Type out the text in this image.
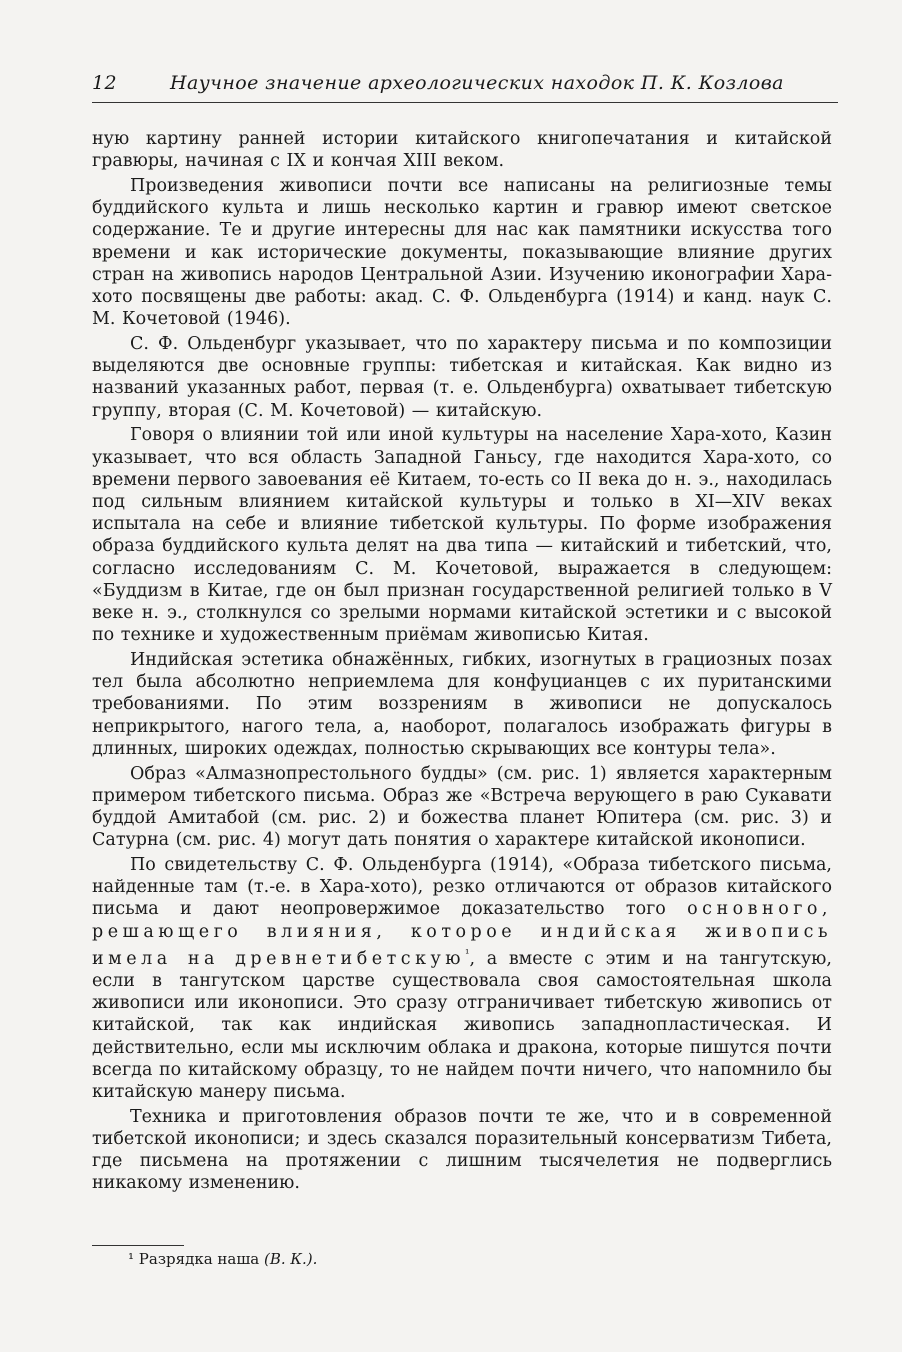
12	Научное значение археологических находок П. К. Козлова

ную картину ранней истории китайского книгопечатания и китайской гравюры, начиная с IX и кончая XIII веком.

Произведения живописи почти все написаны на религиозные темы буддийского культа и лишь несколько картин и гравюр имеют светское содержание. Те и другие интересны для нас как памятники искусства того времени и как исторические документы, показывающие влияние других стран на живопись народов Центральной Азии. Изучению иконографии Хара-хото посвящены две работы: акад. С. Ф. Ольденбурга (1914) и канд. наук С. М. Кочетовой (1946).

С. Ф. Ольденбург указывает, что по характеру письма и по композиции выделяются две основные группы: тибетская и китайская. Как видно из названий указанных работ, первая (т. е. Ольденбурга) охватывает тибетскую группу, вторая (С. М. Кочетовой) — китайскую.

Говоря о влиянии той или иной культуры на население Хара-хото, Казин указывает, что вся область Западной Ганьсу, где находится Хара-хото, со времени первого завоевания её Китаем, то-есть со II века до н. э., находилась под сильным влиянием китайской культуры и только в XI—XIV веках испытала на себе и влияние тибетской культуры. По форме изображения образа буддийского культа делят на два типа — китайский и тибетский, что, согласно исследованиям С. М. Кочетовой, выражается в следующем: «Буддизм в Китае, где он был признан государственной религией только в V веке н. э., столкнулся со зрелыми нормами китайской эстетики и с высокой по технике и художественным приёмам живописью Китая.

Индийская эстетика обнажённых, гибких, изогнутых в грациозных позах тел была абсолютно неприемлема для конфуцианцев с их пуританскими требованиями. По этим воззрениям в живописи не допускалось неприкрытого, нагого тела, а, наоборот, полагалось изображать фигуры в длинных, широких одеждах, полностью скрывающих все контуры тела».

Образ «Алмазнопрестольного будды» (см. рис. 1) является характерным примером тибетского письма. Образ же «Встреча верующего в раю Сукавати буддой Амитабой (см. рис. 2) и божества планет Юпитера (см. рис. 3) и Сатурна (см. рис. 4) могут дать понятия о характере китайской иконописи.

По свидетельству С. Ф. Ольденбурга (1914), «Образа тибетского письма, найденные там (т.-е. в Хара-хото), резко отличаются от образов китайского письма и дают неопровержимое доказательство того основного, решающего влияния, которое индийская живопись имела на древнетибетскую$^{^1}$, а вместе с этим и на тангутскую, если в тангутском царстве существовала своя самостоятельная школа живописи или иконописи. Это сразу отграничивает тибетскую живопись от китайской, так как индийская живопись западнопластическая. И действительно, если мы исключим облака и дракона, которые пишутся почти всегда по китайскому образцу, то не найдем почти ничего, что напомнило бы китайскую манеру письма.

Техника и приготовления образов почти те же, что и в современной тибетской иконописи; и здесь сказался поразительный консерватизм Тибета, где письмена на протяжении с лишним тысячелетия не подверглись никакому изменению.

¹ Разрядка наша (В. К.).
